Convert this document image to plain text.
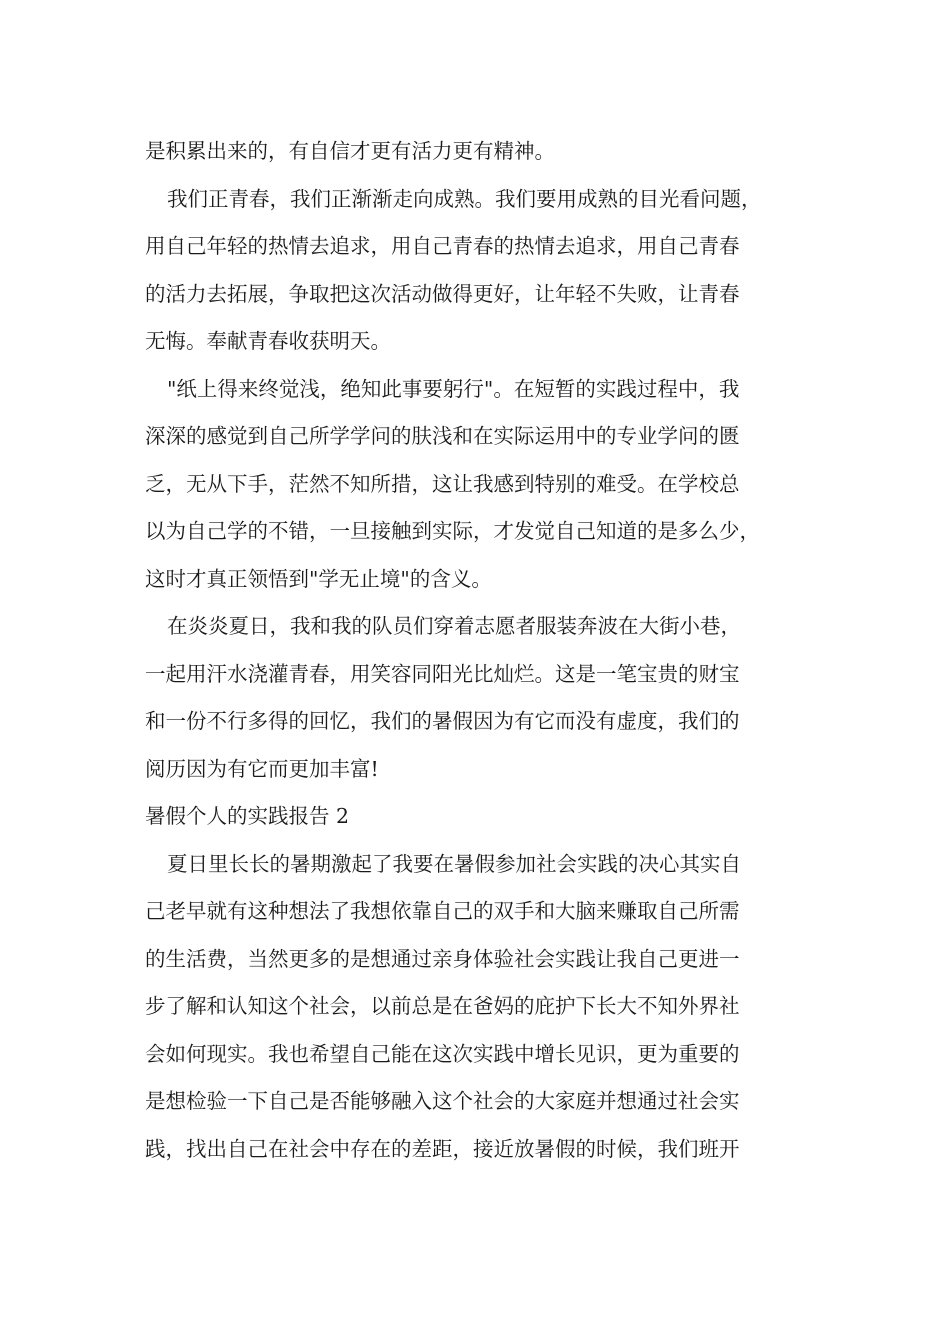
是积累出来的，有自信才更有活力更有精神。
我们正青春，我们正渐渐走向成熟。我们要用成熟的目光看问题，
用自己年轻的热情去追求，用自己青春的热情去追求，用自己青春
的活力去拓展，争取把这次活动做得更好，让年轻不失败，让青春
无悔。奉献青春收获明天。
"纸上得来终觉浅，绝知此事要躬行"。在短暂的实践过程中，我
深深的感觉到自己所学学问的肤浅和在实际运用中的专业学问的匮
乏，无从下手，茫然不知所措，这让我感到特别的难受。在学校总
以为自己学的不错，一旦接触到实际，才发觉自己知道的是多么少，
这时才真正领悟到"学无止境"的含义。
在炎炎夏日，我和我的队员们穿着志愿者服装奔波在大街小巷，
一起用汗水浇灌青春，用笑容同阳光比灿烂。这是一笔宝贵的财宝
和一份不行多得的回忆，我们的暑假因为有它而没有虚度，我们的
阅历因为有它而更加丰富!
暑假个人的实践报告 2
夏日里长长的暑期激起了我要在暑假参加社会实践的决心其实自
己老早就有这种想法了我想依靠自己的双手和大脑来赚取自己所需
的生活费，当然更多的是想通过亲身体验社会实践让我自己更进一
步了解和认知这个社会，以前总是在爸妈的庇护下长大不知外界社
会如何现实。我也希望自己能在这次实践中增长见识，更为重要的
是想检验一下自己是否能够融入这个社会的大家庭并想通过社会实
践，找出自己在社会中存在的差距，接近放暑假的时候，我们班开
